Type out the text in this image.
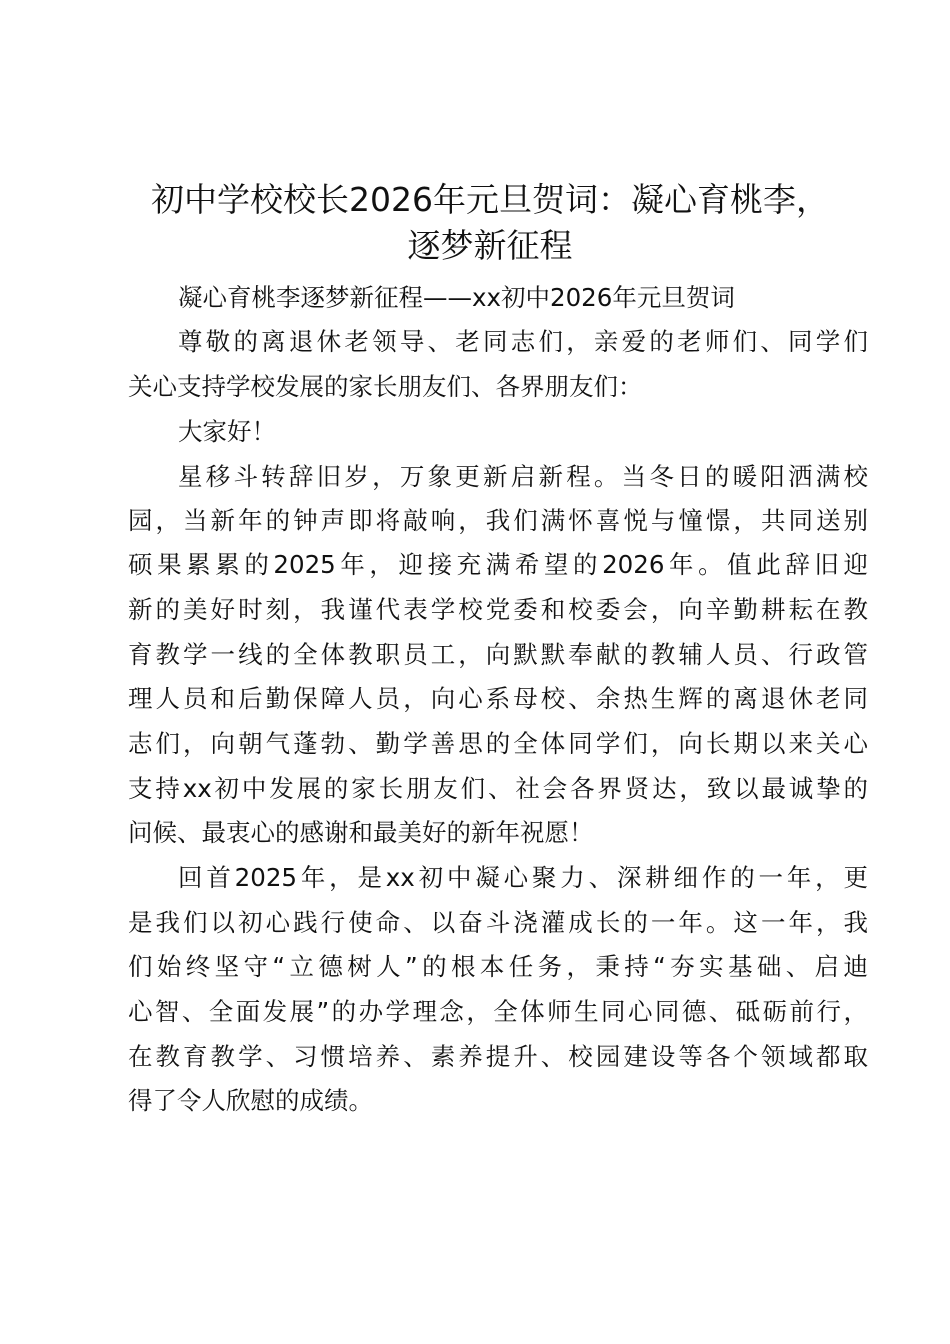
初中学校校长2026年元旦贺词：凝心育桃李，
逐梦新征程

凝心育桃李逐梦新征程——xx初中2026年元旦贺词

尊敬的离退休老领导、老同志们，亲爱的老师们、同学们

关心支持学校发展的家长朋友们、各界朋友们：

大家好！

星移斗转辞旧岁，万象更新启新程。当冬日的暖阳洒满校

园，当新年的钟声即将敲响，我们满怀喜悦与憧憬，共同送别

硕果累累的2025年，迎接充满希望的2026年。值此辞旧迎

新的美好时刻，我谨代表学校党委和校委会，向辛勤耕耘在教

育教学一线的全体教职员工，向默默奉献的教辅人员、行政管

理人员和后勤保障人员，向心系母校、余热生辉的离退休老同

志们，向朝气蓬勃、勤学善思的全体同学们，向长期以来关心

支持xx初中发展的家长朋友们、社会各界贤达，致以最诚挚的

问候、最衷心的感谢和最美好的新年祝愿！

回首2025年，是xx初中凝心聚力、深耕细作的一年，更

是我们以初心践行使命、以奋斗浇灌成长的一年。这一年，我

们始终坚守“立德树人”的根本任务，秉持“夯实基础、启迪

心智、全面发展”的办学理念，全体师生同心同德、砥砺前行，

在教育教学、习惯培养、素养提升、校园建设等各个领域都取

得了令人欣慰的成绩。
